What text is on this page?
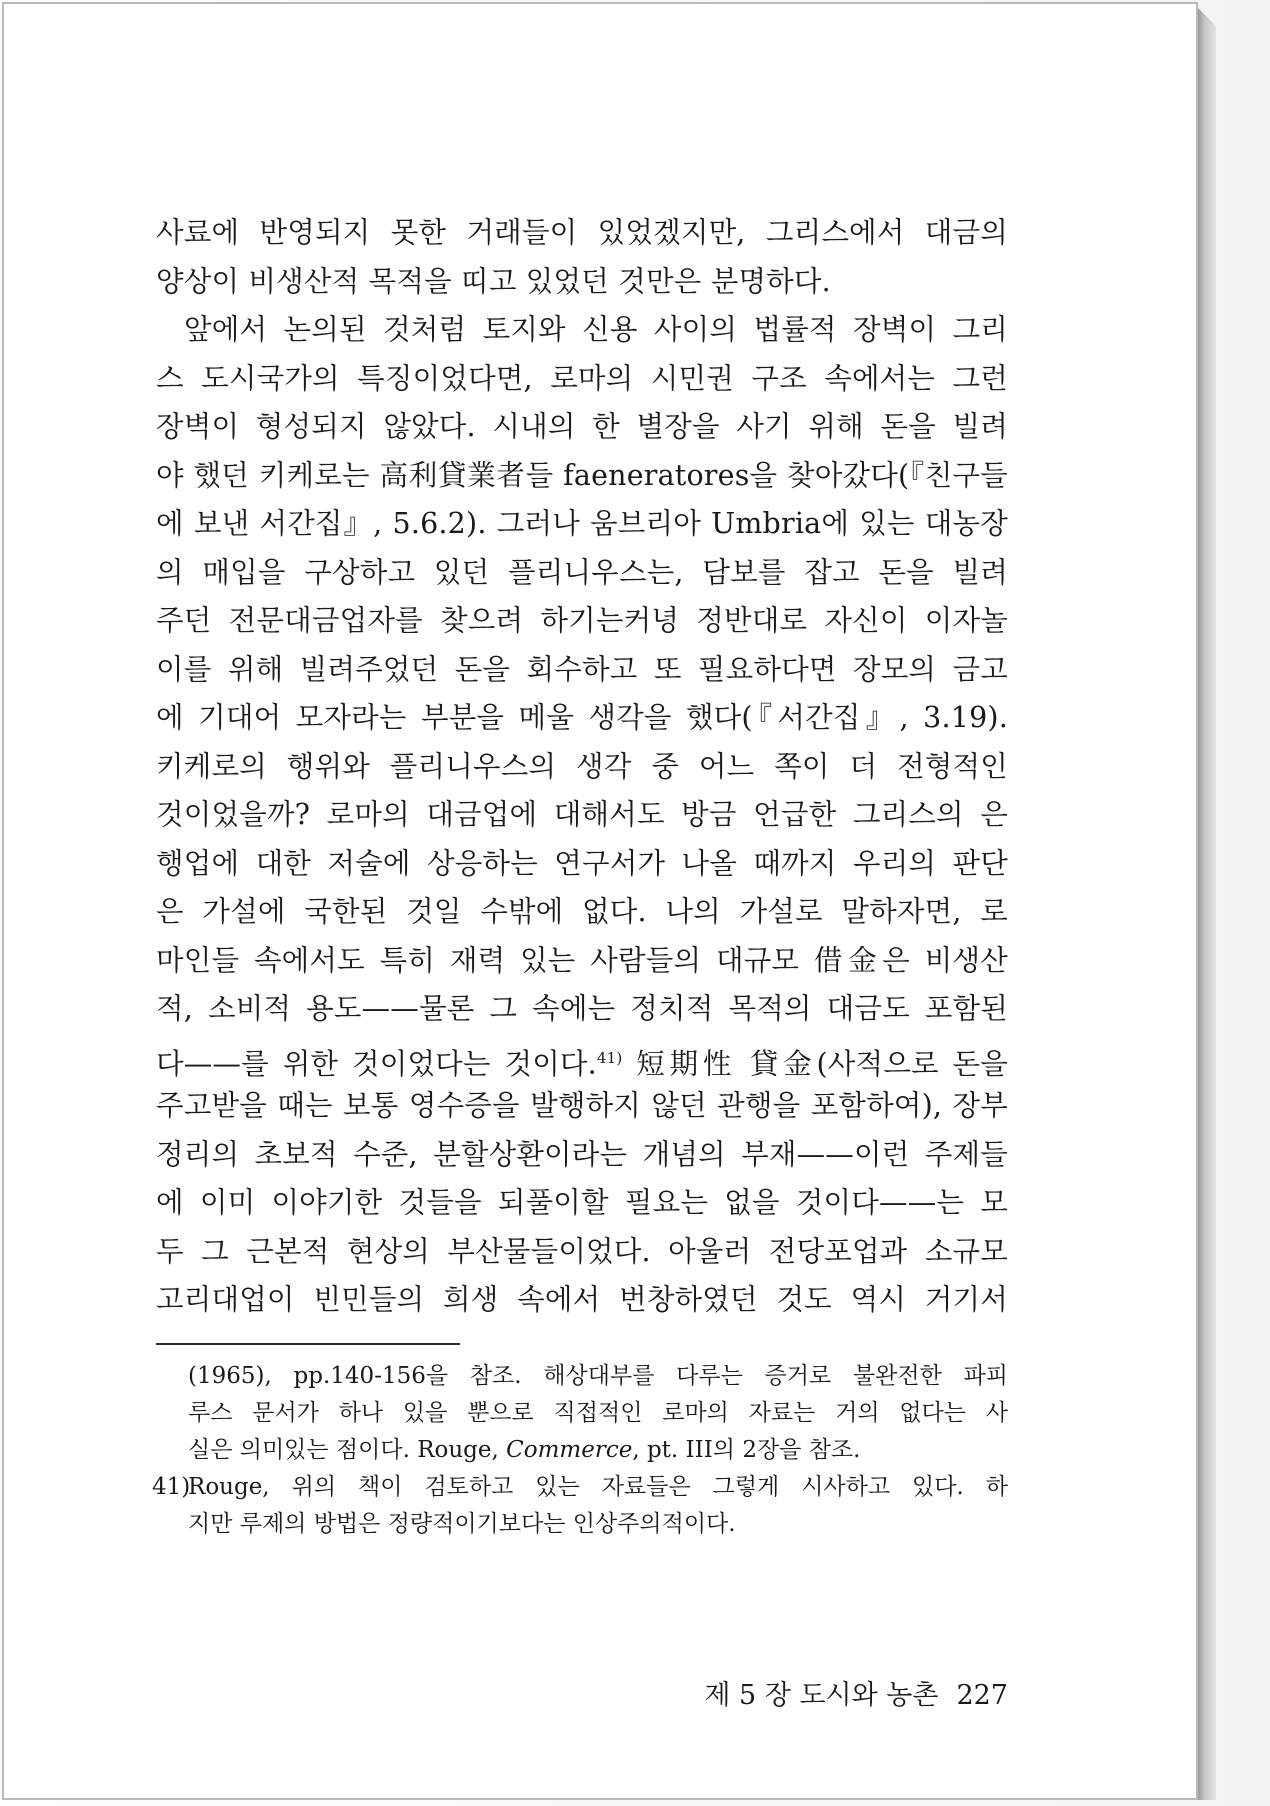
사료에 반영되지 못한 거래들이 있었겠지만, 그리스에서 대금의
양상이 비생산적 목적을 띠고 있었던 것만은 분명하다.
앞에서 논의된 것처럼 토지와 신용 사이의 법률적 장벽이 그리
스 도시국가의 특징이었다면, 로마의 시민권 구조 속에서는 그런
장벽이 형성되지 않았다. 시내의 한 별장을 사기 위해 돈을 빌려
야 했던 키케로는 高利貸業者들 faeneratores을 찾아갔다(『친구들
에 보낸 서간집』, 5.6.2). 그러나 움브리아 Umbria에 있는 대농장
의 매입을 구상하고 있던 플리니우스는, 담보를 잡고 돈을 빌려
주던 전문대금업자를 찾으려 하기는커녕 정반대로 자신이 이자놀
이를 위해 빌려주었던 돈을 회수하고 또 필요하다면 장모의 금고
에 기대어 모자라는 부분을 메울 생각을 했다(『서간집』, 3.19).
키케로의 행위와 플리니우스의 생각 중 어느 쪽이 더 전형적인
것이었을까? 로마의 대금업에 대해서도 방금 언급한 그리스의 은
행업에 대한 저술에 상응하는 연구서가 나올 때까지 우리의 판단
은 가설에 국한된 것일 수밖에 없다. 나의 가설로 말하자면, 로
마인들 속에서도 특히 재력 있는 사람들의 대규모 借金은 비생산
적, 소비적 용도——물론 그 속에는 정치적 목적의 대금도 포함된
다——를 위한 것이었다는 것이다.$^{41)}$ 短期性 貸金(사적으로 돈을
주고받을 때는 보통 영수증을 발행하지 않던 관행을 포함하여), 장부
정리의 초보적 수준, 분할상환이라는 개념의 부재——이런 주제들
에 이미 이야기한 것들을 되풀이할 필요는 없을 것이다——는 모
두 그 근본적 현상의 부산물들이었다. 아울러 전당포업과 소규모
고리대업이 빈민들의 희생 속에서 번창하였던 것도 역시 거기서
(1965), pp.140-156을 참조. 해상대부를 다루는 증거로 불완전한 파피
루스 문서가 하나 있을 뿐으로 직접적인 로마의 자료는 거의 없다는 사
실은 의미있는 점이다. Rouge, Commerce, pt. III의 2장을 참조.
41)Rouge, 위의 책이 검토하고 있는 자료들은 그렇게 시사하고 있다. 하
지만 루제의 방법은 정량적이기보다는 인상주의적이다.
제 5 장 도시와 농촌 227
